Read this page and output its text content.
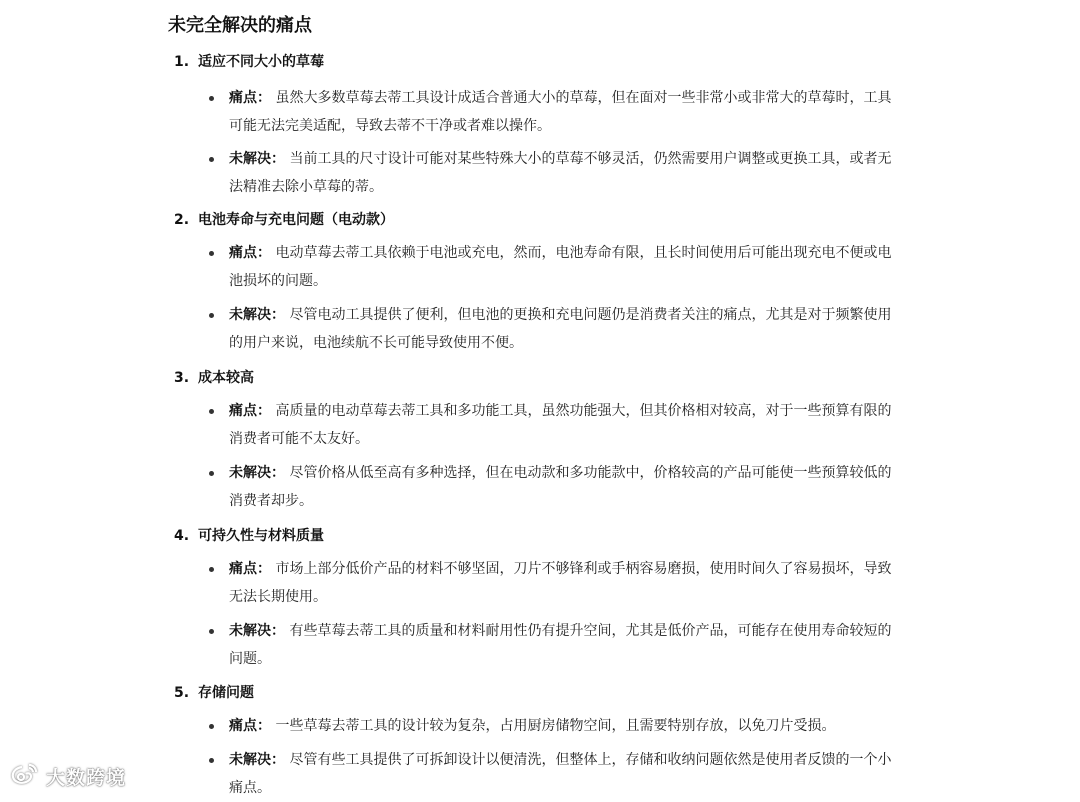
未完全解决的痛点
1. 适应不同大小的草莓
痛点： 虽然大多数草莓去蒂工具设计成适合普通大小的草莓，但在面对一些非常小或非常大的草莓时，工具可能无法完美适配，导致去蒂不干净或者难以操作。
未解决： 当前工具的尺寸设计可能对某些特殊大小的草莓不够灵活，仍然需要用户调整或更换工具，或者无法精准去除小草莓的蒂。
2. 电池寿命与充电问题（电动款）
痛点： 电动草莓去蒂工具依赖于电池或充电，然而，电池寿命有限，且长时间使用后可能出现充电不便或电池损坏的问题。
未解决： 尽管电动工具提供了便利，但电池的更换和充电问题仍是消费者关注的痛点，尤其是对于频繁使用的用户来说，电池续航不长可能导致使用不便。
3. 成本较高
痛点： 高质量的电动草莓去蒂工具和多功能工具，虽然功能强大，但其价格相对较高，对于一些预算有限的消费者可能不太友好。
未解决： 尽管价格从低至高有多种选择，但在电动款和多功能款中，价格较高的产品可能使一些预算较低的消费者却步。
4. 可持久性与材料质量
痛点： 市场上部分低价产品的材料不够坚固，刀片不够锋利或手柄容易磨损，使用时间久了容易损坏，导致无法长期使用。
未解决： 有些草莓去蒂工具的质量和材料耐用性仍有提升空间，尤其是低价产品，可能存在使用寿命较短的问题。
5. 存储问题
痛点： 一些草莓去蒂工具的设计较为复杂，占用厨房储物空间，且需要特别存放，以免刀片受损。
未解决： 尽管有些工具提供了可拆卸设计以便清洗，但整体上，存储和收纳问题依然是使用者反馈的一个小痛点。
大数跨境
